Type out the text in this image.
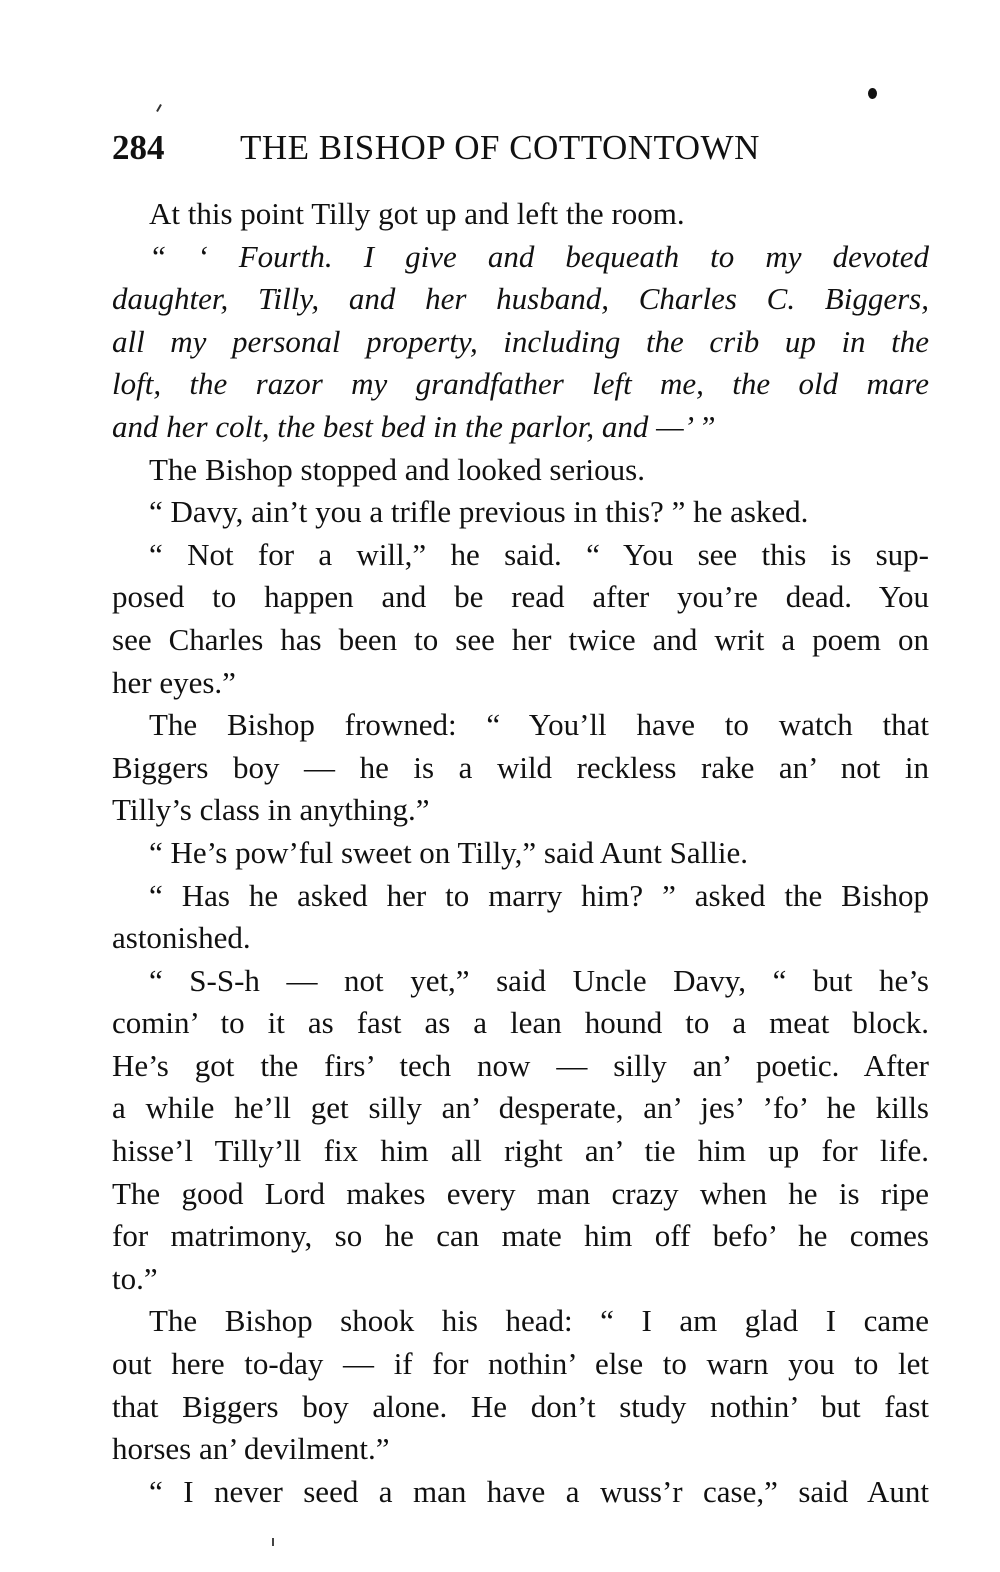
284 THE BISHOP OF COTTONTOWN
At this point Tilly got up and left the room.
“ ‘ Fourth. I give and bequeath to my devoted
daughter, Tilly, and her husband, Charles C. Biggers,
all my personal property, including the crib up in the
loft, the razor my grandfather left me, the old mare
and her colt, the best bed in the parlor, and —’ ”
The Bishop stopped and looked serious.
“ Davy, ain’t you a trifle previous in this? ” he asked.
“ Not for a will,” he said. “ You see this is sup-
posed to happen and be read after you’re dead. You
see Charles has been to see her twice and writ a poem on
her eyes.”
The Bishop frowned: “ You’ll have to watch that
Biggers boy — he is a wild reckless rake an’ not in
Tilly’s class in anything.”
“ He’s pow’ful sweet on Tilly,” said Aunt Sallie.
“ Has he asked her to marry him? ” asked the Bishop
astonished.
“ S-S-h — not yet,” said Uncle Davy, “ but he’s
comin’ to it as fast as a lean hound to a meat block.
He’s got the firs’ tech now — silly an’ poetic. After
a while he’ll get silly an’ desperate, an’ jes’ ’fo’ he kills
hisse’l Tilly’ll fix him all right an’ tie him up for life.
The good Lord makes every man crazy when he is ripe
for matrimony, so he can mate him off befo’ he comes
to.”
The Bishop shook his head: “ I am glad I came
out here to-day — if for nothin’ else to warn you to let
that Biggers boy alone. He don’t study nothin’ but fast
horses an’ devilment.”
“ I never seed a man have a wuss’r case,” said Aunt
